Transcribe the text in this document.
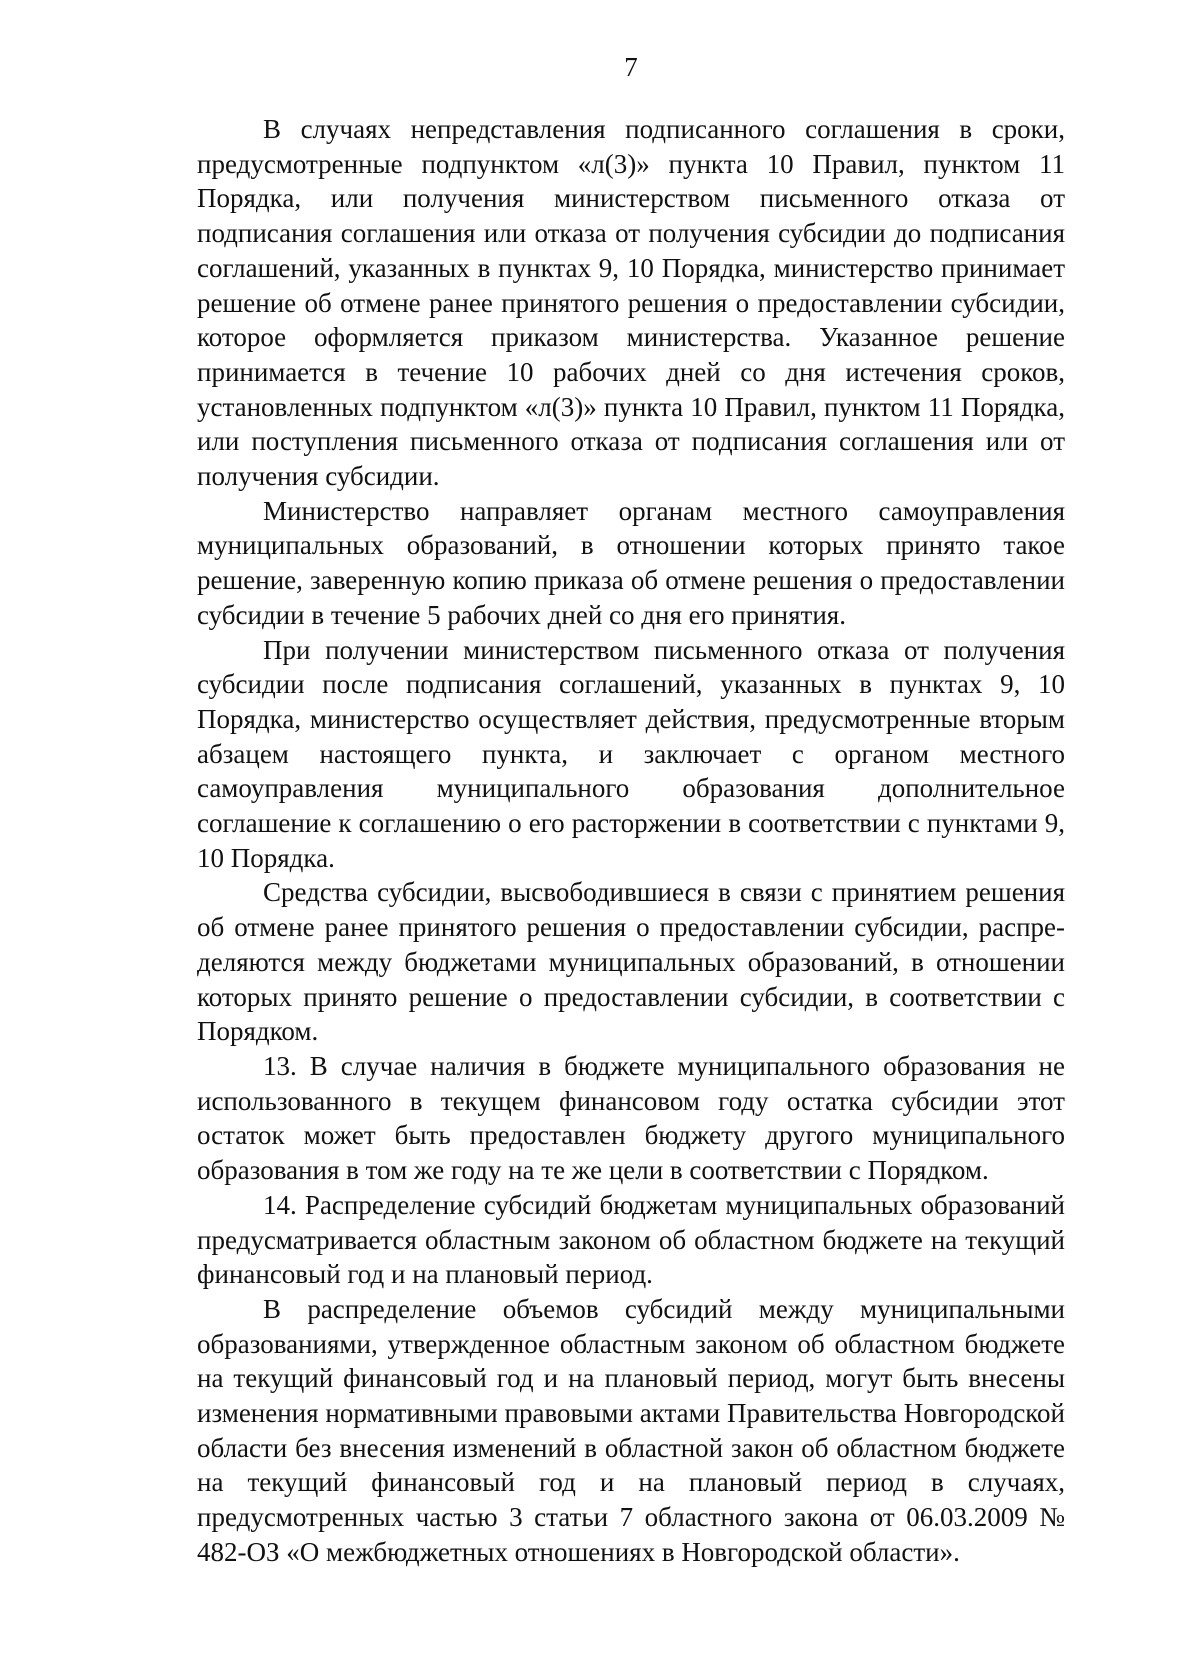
7

В случаях непредставления подписанного соглашения в сроки, предусмотренные подпунктом «л(3)» пункта 10 Правил, пунктом 11 Порядка, или получения министерством письменного отказа от подписания соглашения или отказа от получения субсидии до подписания соглашений, указанных в пунктах 9, 10 Порядка, министерство принимает решение об отмене ранее принятого решения о предоставлении субсидии, которое оформляется приказом министерства. Указанное решение принимается в течение 10 рабочих дней со дня истечения сроков, установленных подпунктом «л(3)» пункта 10 Правил, пунктом 11 Порядка, или поступления письменного отказа от подписания соглашения или от получения субсидии.

Министерство направляет органам местного самоуправления муниципальных образований, в отношении которых принято такое решение, заверенную копию приказа об отмене решения о предоставлении субсидии в течение 5 рабочих дней со дня его принятия.

При получении министерством письменного отказа от получения субсидии после подписания соглашений, указанных в пунктах 9, 10 Порядка, министерство осуществляет действия, предусмотренные вторым абзацем настоящего пункта, и заключает с органом местного самоуправления муниципального образования дополнительное соглашение к соглашению о его расторжении в соответствии с пунктами 9, 10 Порядка.

Средства субсидии, высвободившиеся в связи с принятием решения об отмене ранее принятого решения о предоставлении субсидии, распре-деляются между бюджетами муниципальных образований, в отношении которых принято решение о предоставлении субсидии, в соответствии с Порядком.

13. В случае наличия в бюджете муниципального образования не использованного в текущем финансовом году остатка субсидии этот остаток может быть предоставлен бюджету другого муниципального образования в том же году на те же цели в соответствии с Порядком.

14. Распределение субсидий бюджетам муниципальных образований предусматривается областным законом об областном бюджете на текущий финансовый год и на плановый период.

В распределение объемов субсидий между муниципальными образованиями, утвержденное областным законом об областном бюджете на текущий финансовый год и на плановый период, могут быть внесены изменения нормативными правовыми актами Правительства Новгородской области без внесения изменений в областной закон об областном бюджете на текущий финансовый год и на плановый период в случаях, предусмотренных частью 3 статьи 7 областного закона от 06.03.2009 № 482-ОЗ «О межбюджетных отношениях в Новгородской области».
